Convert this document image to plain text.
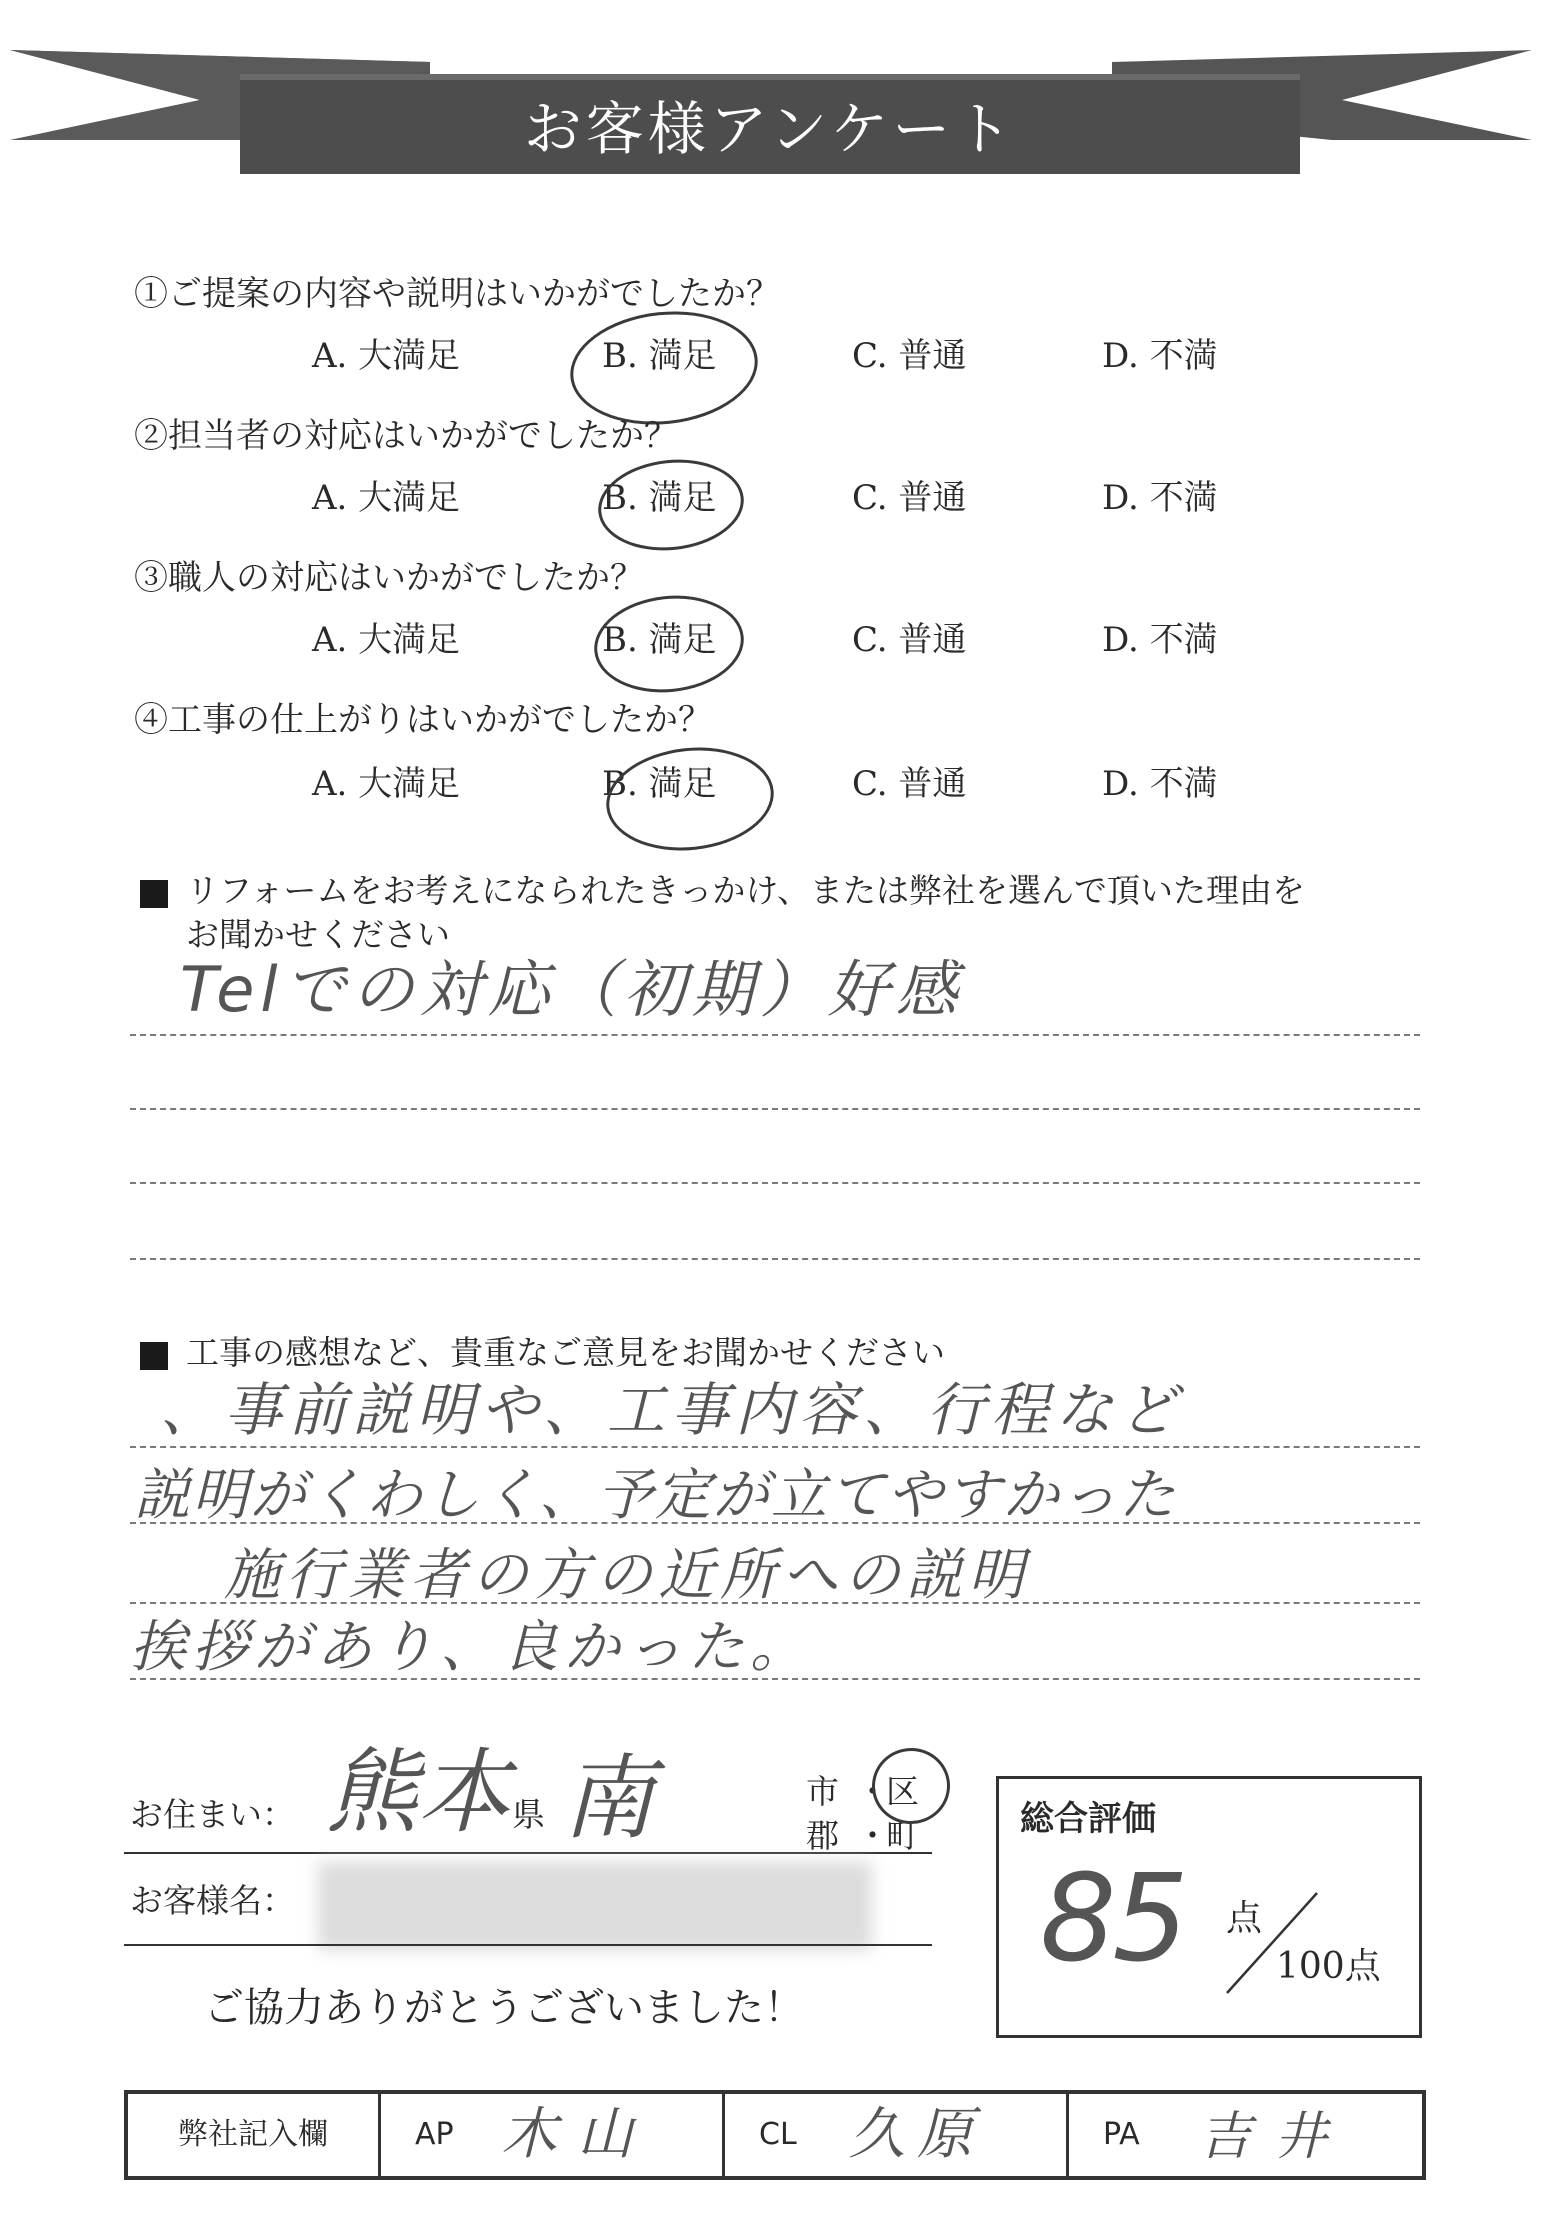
お客様アンケート
①ご提案の内容や説明はいかがでしたか？
A. 大満足	B. 満足	C. 普通	D. 不満
②担当者の対応はいかがでしたか？
A. 大満足	B. 満足	C. 普通	D. 不満
③職人の対応はいかがでしたか？
A. 大満足	B. 満足	C. 普通	D. 不満
④工事の仕上がりはいかがでしたか？
A. 大満足	B. 満足	C. 普通	D. 不満
リフォームをお考えになられたきっかけ、または弊社を選んで頂いた理由を
お聞かせください
Telでの対応（初期）好感
工事の感想など、貴重なご意見をお聞かせください
、事前説明や、工事内容、行程など
説明がくわしく、予定が立てやすかった
施行業者の方の近所への説明
挨拶があり、良かった。
お住まい： 熊本 県 南	市 ・
区
郡 ・
町
お客様名：
ご協力ありがとうございました！
総合評価
85 点
100点
弊社記入欄	AP 木山	CL 久原	PA 吉井
